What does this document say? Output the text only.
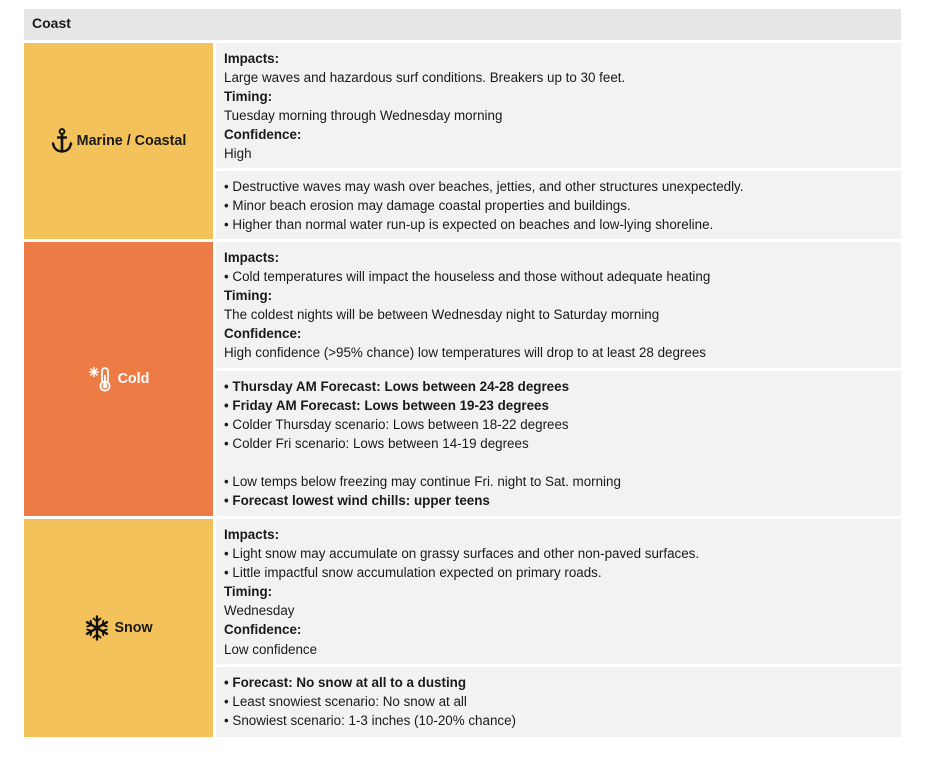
Coast
Marine / Coastal
Impacts:
Large waves and hazardous surf conditions. Breakers up to 30 feet.
Timing:
Tuesday morning through Wednesday morning
Confidence:
High
• Destructive waves may wash over beaches, jetties, and other structures unexpectedly.
• Minor beach erosion may damage coastal properties and buildings.
• Higher than normal water run-up is expected on beaches and low-lying shoreline.
Cold
Impacts:
• Cold temperatures will impact the houseless and those without adequate heating
Timing:
The coldest nights will be between Wednesday night to Saturday morning
Confidence:
High confidence (>95% chance) low temperatures will drop to at least 28 degrees
• Thursday AM Forecast: Lows between 24-28 degrees
• Friday AM Forecast: Lows between 19-23 degrees
• Colder Thursday scenario: Lows between 18-22 degrees
• Colder Fri scenario: Lows between 14-19 degrees
• Low temps below freezing may continue Fri. night to Sat. morning
• Forecast lowest wind chills: upper teens
Snow
Impacts:
• Light snow may accumulate on grassy surfaces and other non-paved surfaces.
• Little impactful snow accumulation expected on primary roads.
Timing:
Wednesday
Confidence:
Low confidence
• Forecast: No snow at all to a dusting
• Least snowiest scenario: No snow at all
• Snowiest scenario: 1-3 inches (10-20% chance)
